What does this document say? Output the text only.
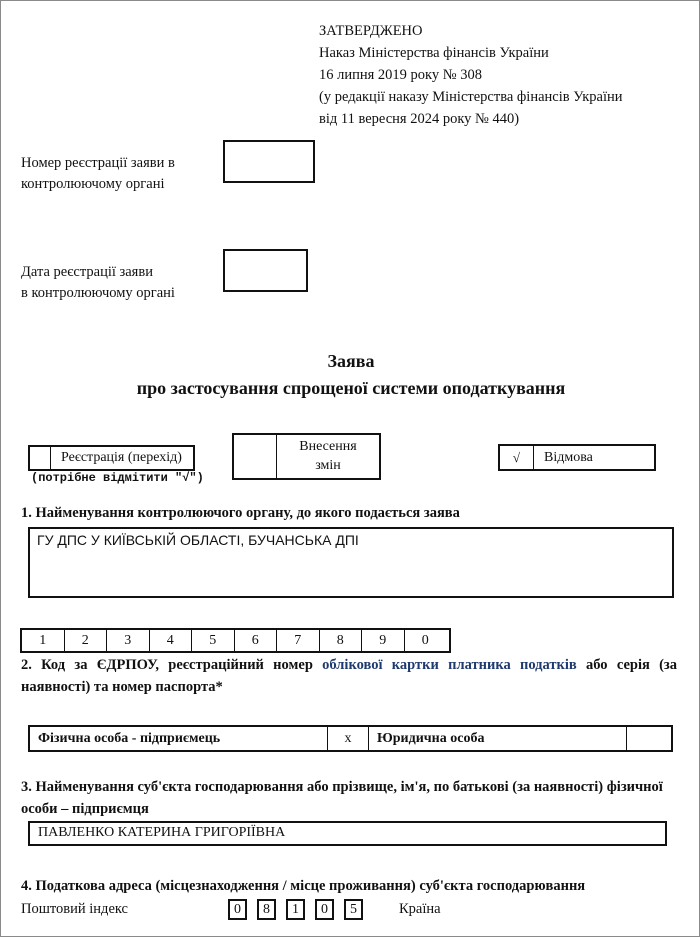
ЗАТВЕРДЖЕНО
Наказ Міністерства фінансів України
16 липня 2019 року № 308
(у редакції наказу Міністерства фінансів України
від 11 вересня 2024 року № 440)
Номер реєстрації заяви в
контролюючому органі
Дата реєстрації заяви
в контролюючому органі
Заява
про застосування спрощеної системи оподаткування
Реєстрація (перехід)
(потрібне відмітити "√")
Внесення
змін
√	Відмова
1. Найменування контролюючого органу, до якого подається заява
ГУ ДПС У КИЇВСЬКІЙ ОБЛАСТІ, БУЧАНСЬКА ДПІ
1	2	3	4	5	6	7	8	9	0
2. Код за ЄДРПОУ, реєстраційний номер облікової картки платника податків або серія (за наявності) та номер паспорта*
Фізична особа - підприємець	x	Юридична особа
3. Найменування суб'єкта господарювання або прізвище, ім'я, по батькові (за наявності) фізичної
особи – підприємця
ПАВЛЕНКО КАТЕРИНА ГРИГОРІЇВНА
4. Податкова адреса (місцезнаходження / місце проживання) суб'єкта господарювання
Поштовий індекс	0	8	1	0	5	Країна
